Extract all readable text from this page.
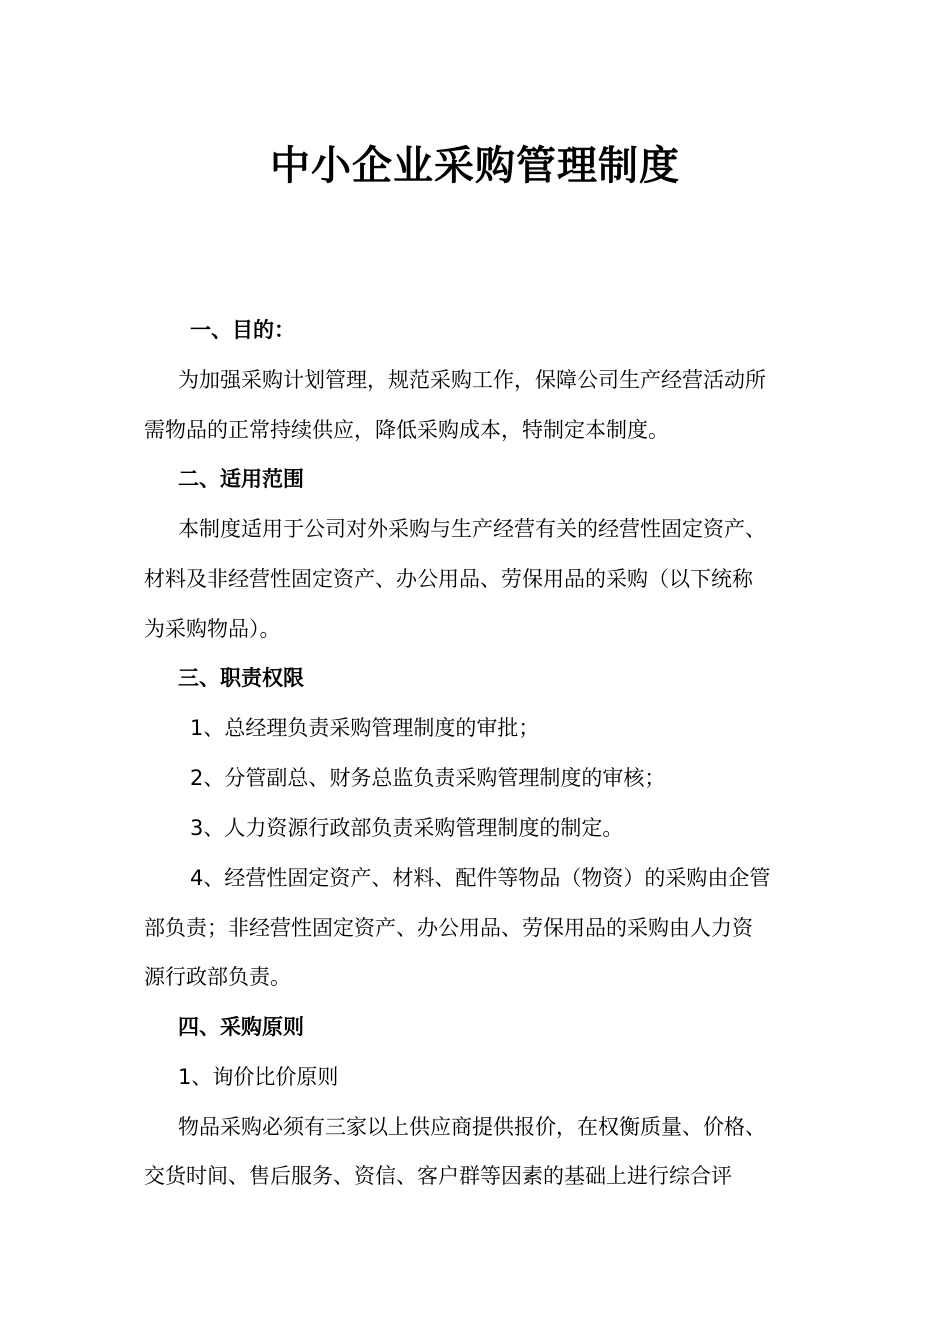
中小企业采购管理制度

一、目的：

为加强采购计划管理，规范采购工作，保障公司生产经营活动所

需物品的正常持续供应，降低采购成本，特制定本制度。

二、适用范围

本制度适用于公司对外采购与生产经营有关的经营性固定资产、

材料及非经营性固定资产、办公用品、劳保用品的采购（以下统称

为采购物品）。

三、职责权限

1、总经理负责采购管理制度的审批；

2、分管副总、财务总监负责采购管理制度的审核；

3、人力资源行政部负责采购管理制度的制定。

4、经营性固定资产、材料、配件等物品（物资）的采购由企管

部负责；非经营性固定资产、办公用品、劳保用品的采购由人力资

源行政部负责。

四、采购原则

1、询价比价原则

物品采购必须有三家以上供应商提供报价，在权衡质量、价格、

交货时间、售后服务、资信、客户群等因素的基础上进行综合评
